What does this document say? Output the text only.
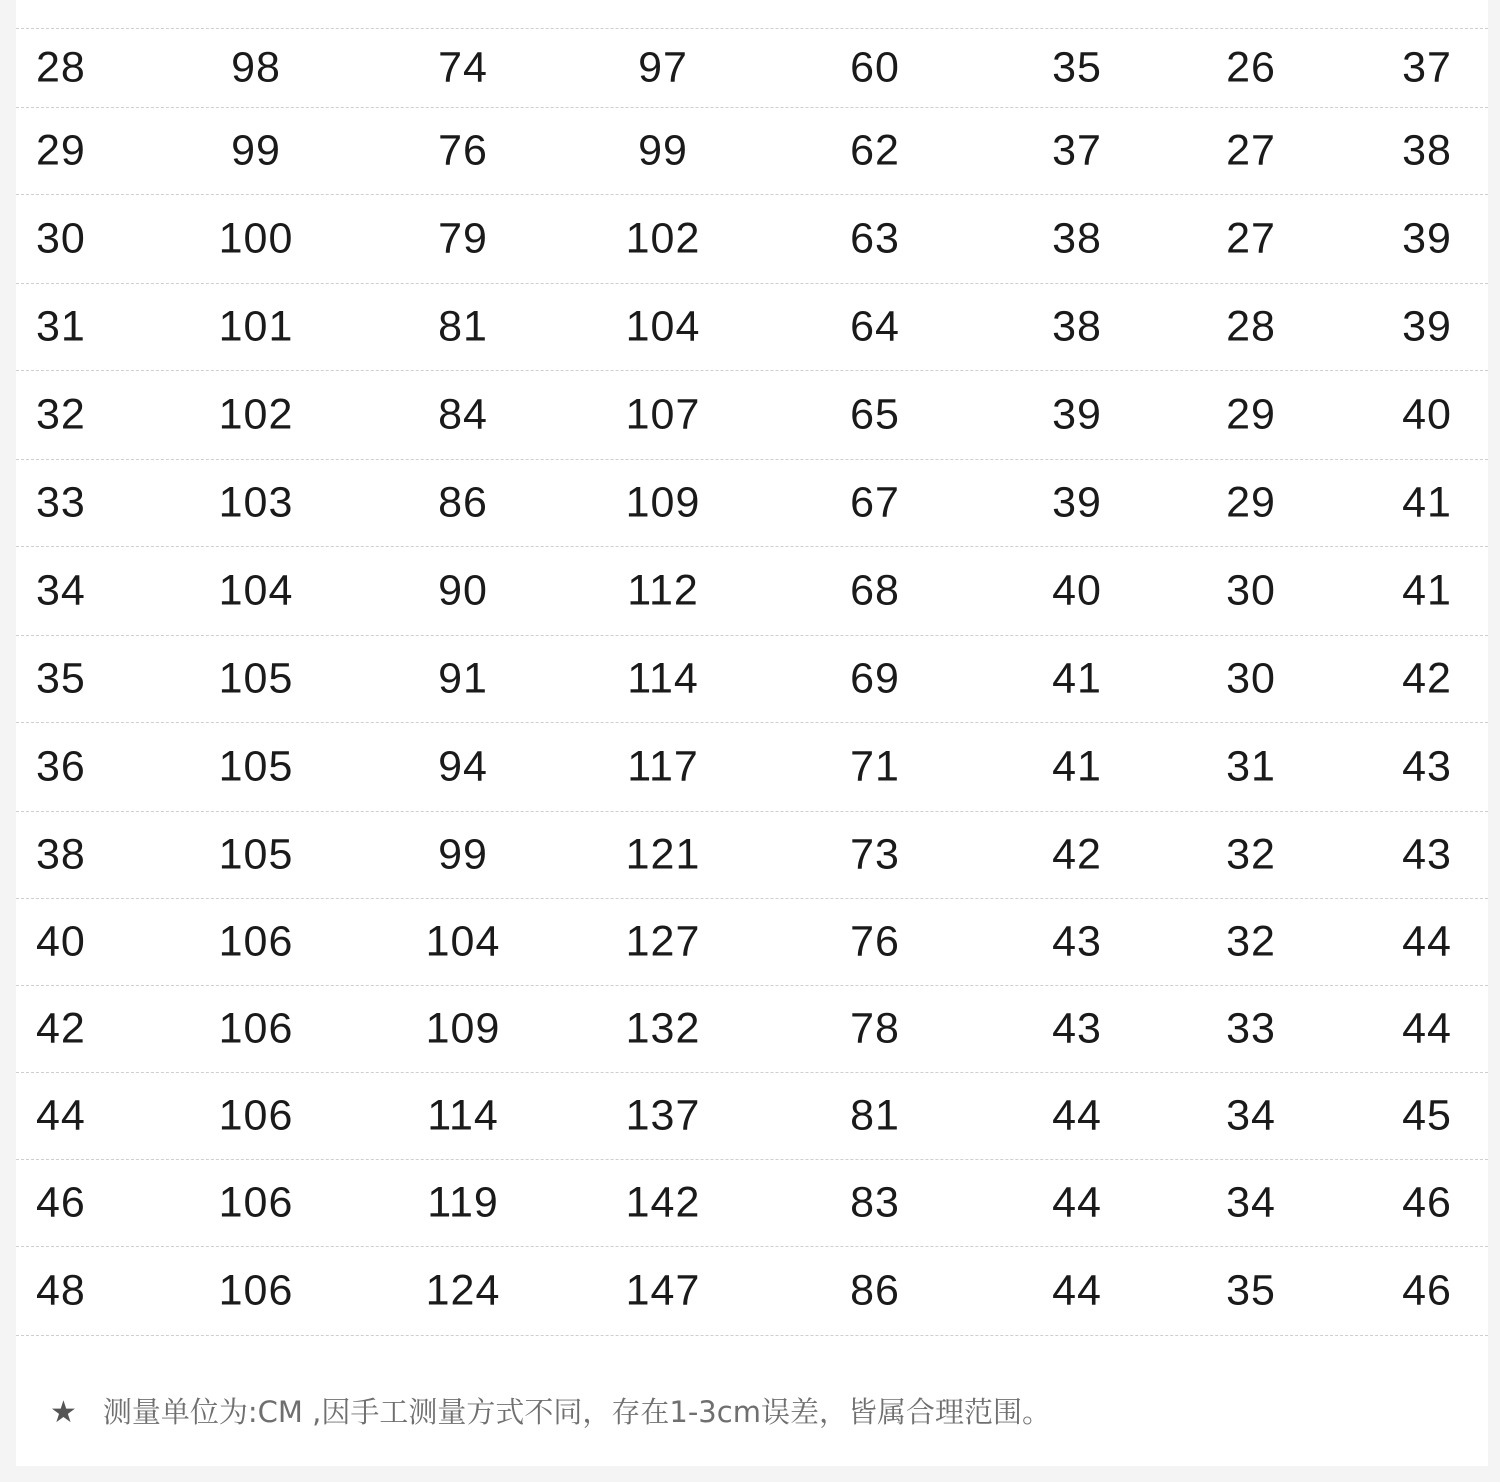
28	98	74	97	60	35	26	37
29	99	76	99	62	37	27	38
30	100	79	102	63	38	27	39
31	101	81	104	64	38	28	39
32	102	84	107	65	39	29	40
33	103	86	109	67	39	29	41
34	104	90	112	68	40	30	41
35	105	91	114	69	41	30	42
36	105	94	117	71	41	31	43
38	105	99	121	73	42	32	43
40	106	104	127	76	43	32	44
42	106	109	132	78	43	33	44
44	106	114	137	81	44	34	45
46	106	119	142	83	44	34	46
48	106	124	147	86	44	35	46
★ 测量单位为:CM ,因手工测量方式不同，存在1-3cm误差，皆属合理范围。
